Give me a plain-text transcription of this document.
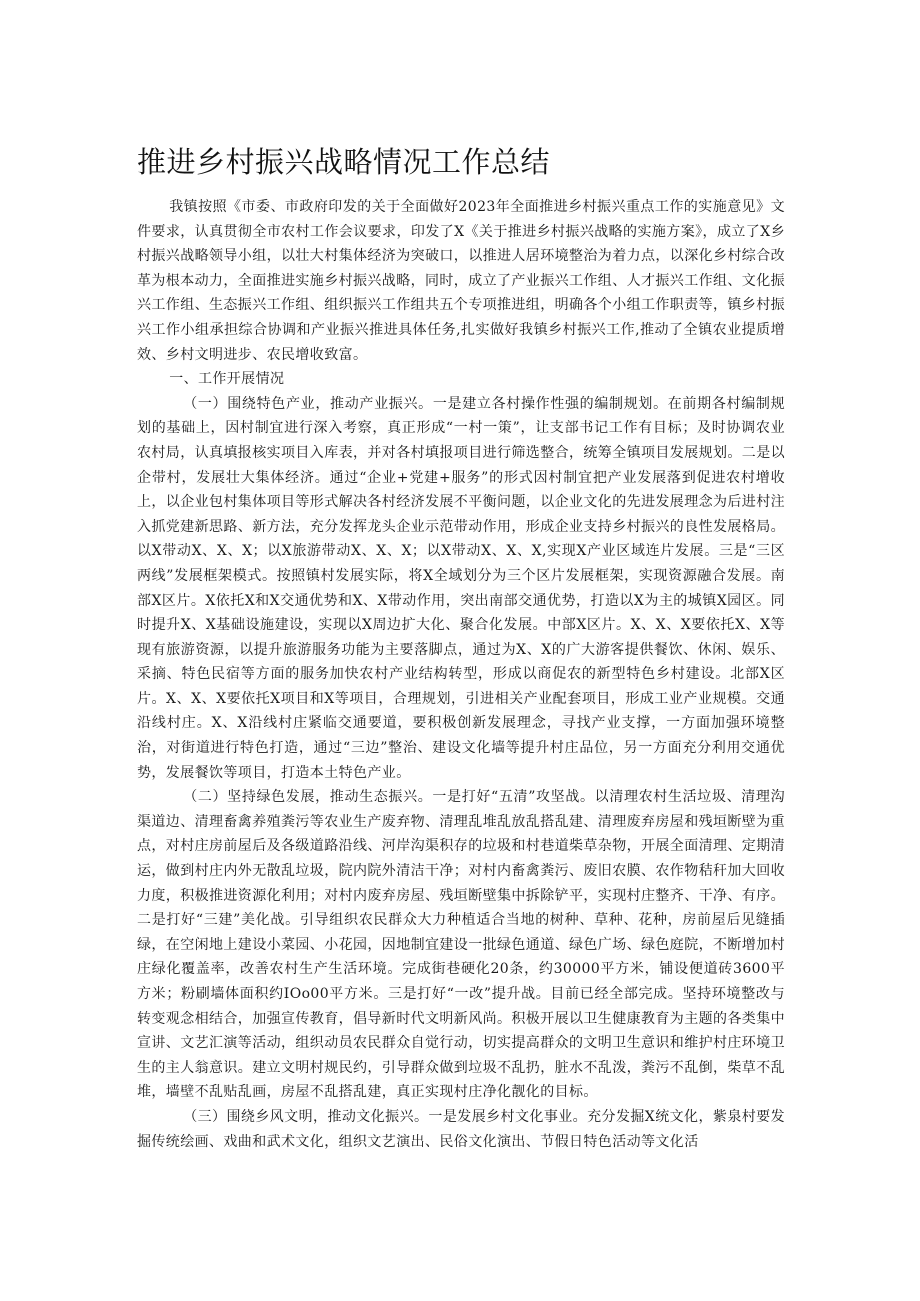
推进乡村振兴战略情况工作总结

我镇按照《市委、市政府印发的关于全面做好2023年全面推进乡村振兴重点工作的实施意见》文件要求，认真贯彻全市农村工作会议要求，印发了X《关于推进乡村振兴战略的实施方案》，成立了X乡村振兴战略领导小组，以壮大村集体经济为突破口，以推进人居环境整治为着力点，以深化乡村综合改革为根本动力，全面推进实施乡村振兴战略，同时，成立了产业振兴工作组、人才振兴工作组、文化振兴工作组、生态振兴工作组、组织振兴工作组共五个专项推进组，明确各个小组工作职责等，镇乡村振兴工作小组承担综合协调和产业振兴推进具体任务,扎实做好我镇乡村振兴工作,推动了全镇农业提质增效、乡村文明进步、农民增收致富。

一、工作开展情况

（一）围绕特色产业，推动产业振兴。一是建立各村操作性强的编制规划。在前期各村编制规划的基础上，因村制宜进行深入考察，真正形成“一村一策”，让支部书记工作有目标；及时协调农业农村局，认真填报核实项目入库表，并对各村填报项目进行筛选整合，统筹全镇项目发展规划。二是以企带村，发展壮大集体经济。通过“企业+党建+服务”的形式因村制宜把产业发展落到促进农村增收上，以企业包村集体项目等形式解决各村经济发展不平衡问题，以企业文化的先进发展理念为后进村注入抓党建新思路、新方法，充分发挥龙头企业示范带动作用，形成企业支持乡村振兴的良性发展格局。以X带动X、X、X；以X旅游带动X、X、X；以X带动X、X、X,实现X产业区域连片发展。三是“三区两线”发展框架模式。按照镇村发展实际，将X全域划分为三个区片发展框架，实现资源融合发展。南部X区片。X依托X和X交通优势和X、X带动作用，突出南部交通优势，打造以X为主的城镇X园区。同时提升X、X基础设施建设，实现以X周边扩大化、聚合化发展。中部X区片。X、X、X要依托X、X等现有旅游资源，以提升旅游服务功能为主要落脚点，通过为X、X的广大游客提供餐饮、休闲、娱乐、采摘、特色民宿等方面的服务加快农村产业结构转型，形成以商促农的新型特色乡村建设。北部X区片。X、X、X要依托X项目和X等项目，合理规划，引进相关产业配套项目，形成工业产业规模。交通沿线村庄。X、X沿线村庄紧临交通要道，要积极创新发展理念，寻找产业支撑，一方面加强环境整治，对街道进行特色打造，通过“三边”整治、建设文化墙等提升村庄品位，另一方面充分利用交通优势，发展餐饮等项目，打造本土特色产业。

（二）坚持绿色发展，推动生态振兴。一是打好“五清”攻坚战。以清理农村生活垃圾、清理沟渠道边、清理畜禽养殖粪污等农业生产废弃物、清理乱堆乱放乱搭乱建、清理废弃房屋和残垣断壁为重点，对村庄房前屋后及各级道路沿线、河岸沟渠积存的垃圾和村巷道柴草杂物，开展全面清理、定期清运，做到村庄内外无散乱垃圾，院内院外清洁干净；对村内畜禽粪污、废旧农膜、农作物秸秆加大回收力度，积极推进资源化利用；对村内废弃房屋、残垣断壁集中拆除铲平，实现村庄整齐、干净、有序。二是打好“三建”美化战。引导组织农民群众大力种植适合当地的树种、草种、花种，房前屋后见缝插绿，在空闲地上建设小菜园、小花园，因地制宜建设一批绿色通道、绿色广场、绿色庭院，不断增加村庄绿化覆盖率，改善农村生产生活环境。完成街巷硬化20条，约30000平方米，铺设便道砖3600平方米；粉刷墙体面积约IOo00平方米。三是打好“一改”提升战。目前已经全部完成。坚持环境整改与转变观念相结合，加强宣传教育，倡导新时代文明新风尚。积极开展以卫生健康教育为主题的各类集中宣讲、文艺汇演等活动，组织动员农民群众自觉行动，切实提高群众的文明卫生意识和维护村庄环境卫生的主人翁意识。建立文明村规民约，引导群众做到垃圾不乱扔，脏水不乱泼，粪污不乱倒，柴草不乱堆，墙壁不乱贴乱画，房屋不乱搭乱建，真正实现村庄净化靓化的目标。

（三）围绕乡风文明，推动文化振兴。一是发展乡村文化事业。充分发掘X统文化，紫泉村要发掘传统绘画、戏曲和武术文化，组织文艺演出、民俗文化演出、节假日特色活动等文化活
